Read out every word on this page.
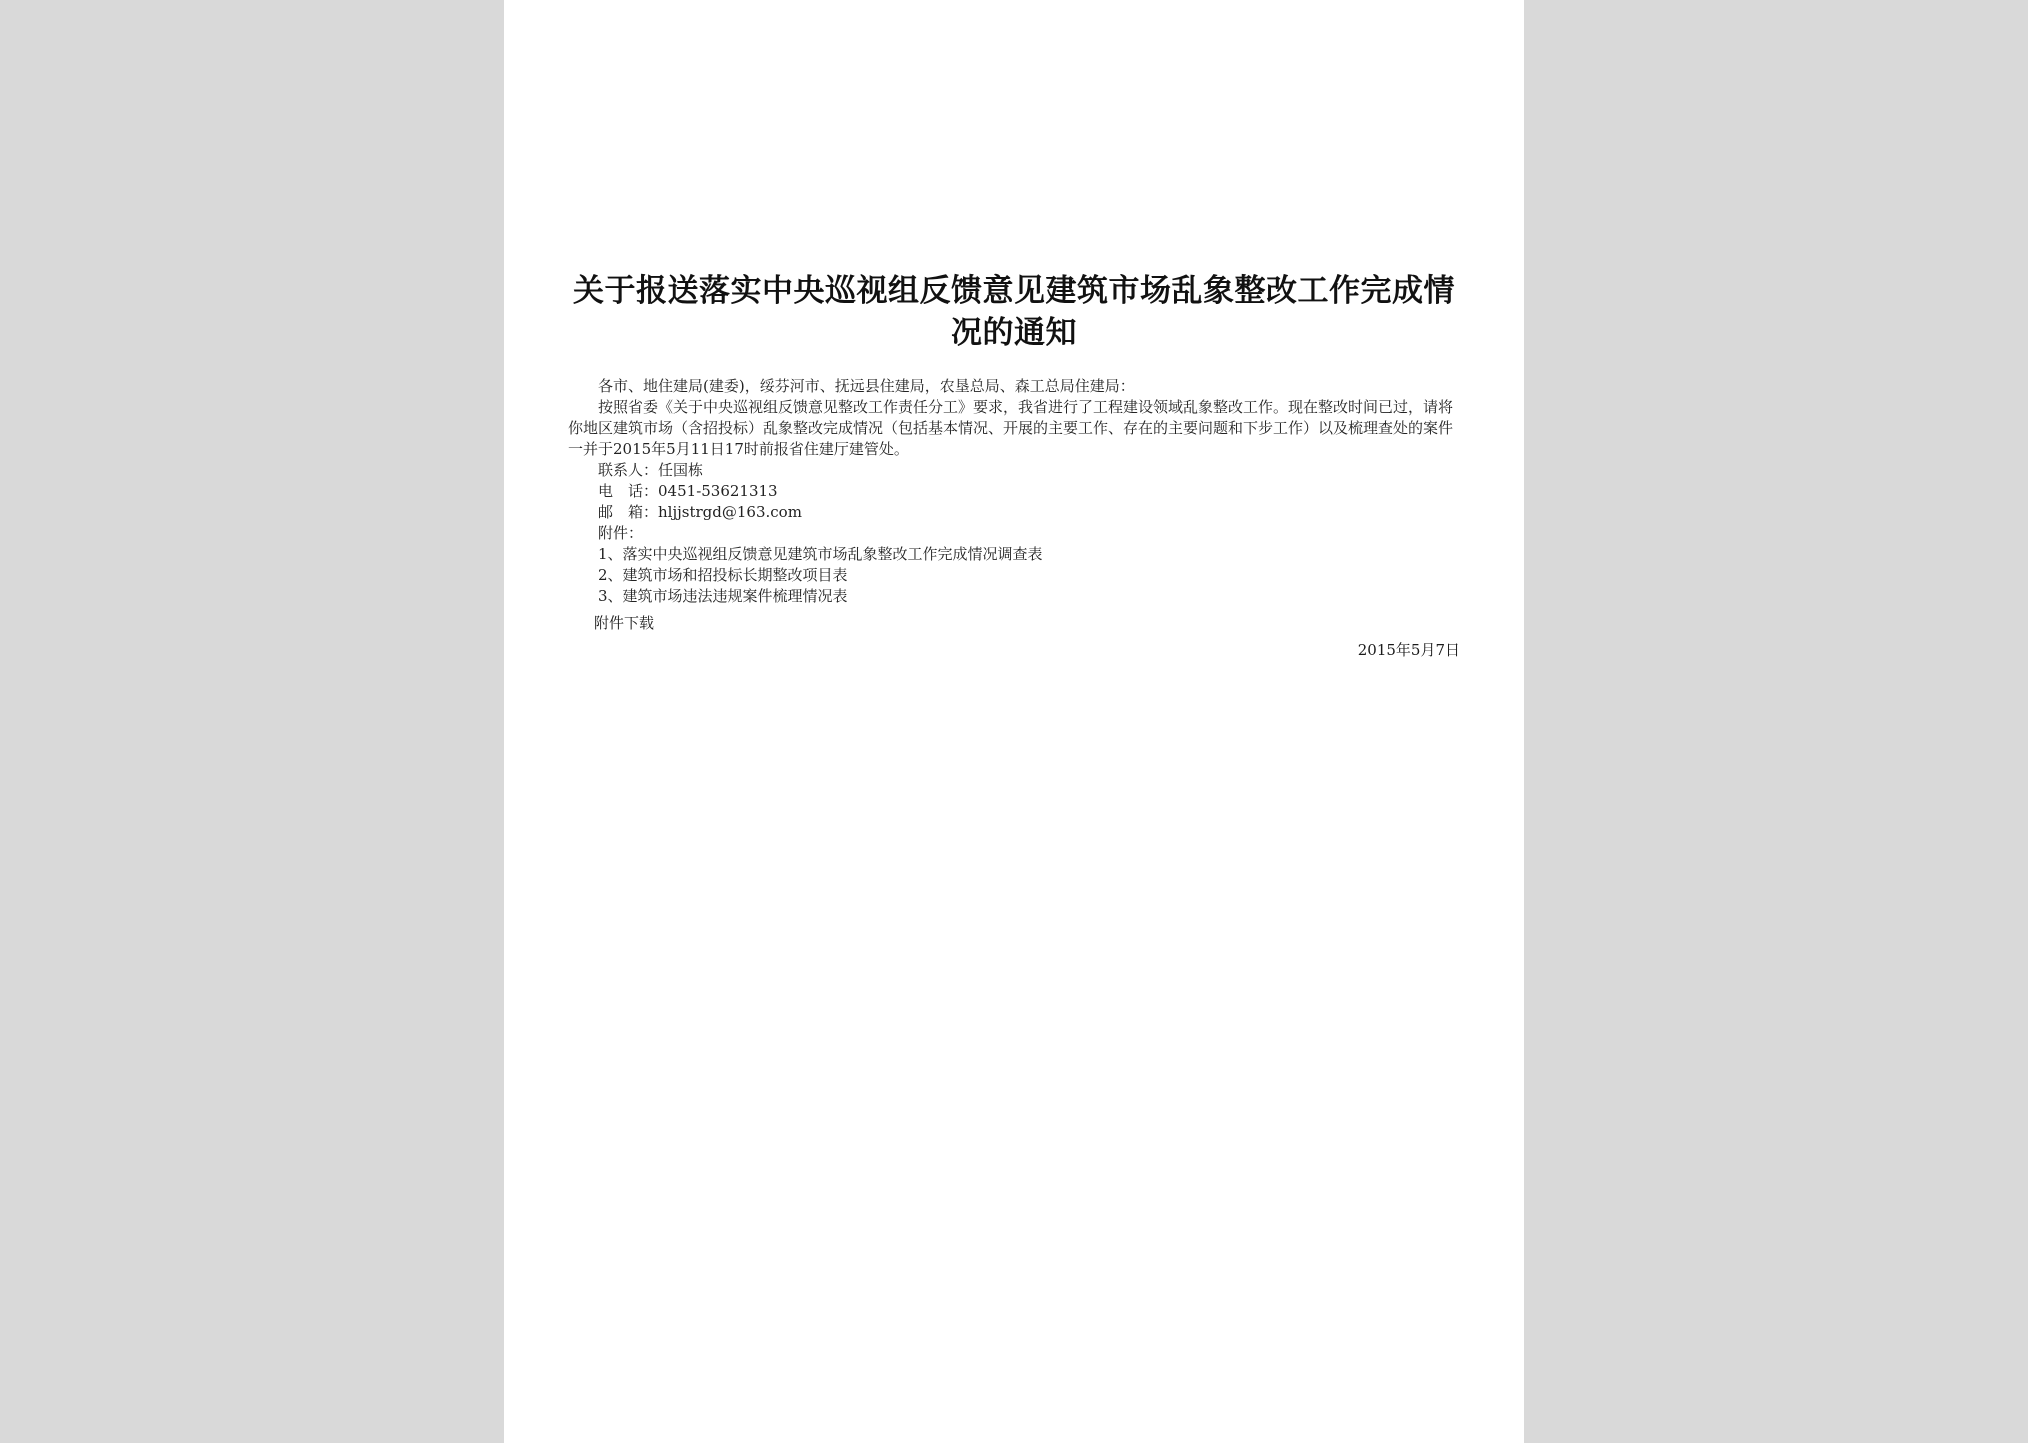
关于报送落实中央巡视组反馈意见建筑市场乱象整改工作完成情况的通知

各市、地住建局(建委)，绥芬河市、抚远县住建局，农垦总局、森工总局住建局：

按照省委《关于中央巡视组反馈意见整改工作责任分工》要求，我省进行了工程建设领域乱象整改工作。现在整改时间已过，请将你地区建筑市场（含招投标）乱象整改完成情况（包括基本情况、开展的主要工作、存在的主要问题和下步工作）以及梳理查处的案件一并于2015年5月11日17时前报省住建厅建管处。

联系人：任国栋

电　话：0451-53621313

邮　箱：hljjstrgd@163.com

附件：

1、落实中央巡视组反馈意见建筑市场乱象整改工作完成情况调查表

2、建筑市场和招投标长期整改项目表

3、建筑市场违法违规案件梳理情况表

附件下载
2015年5月7日
